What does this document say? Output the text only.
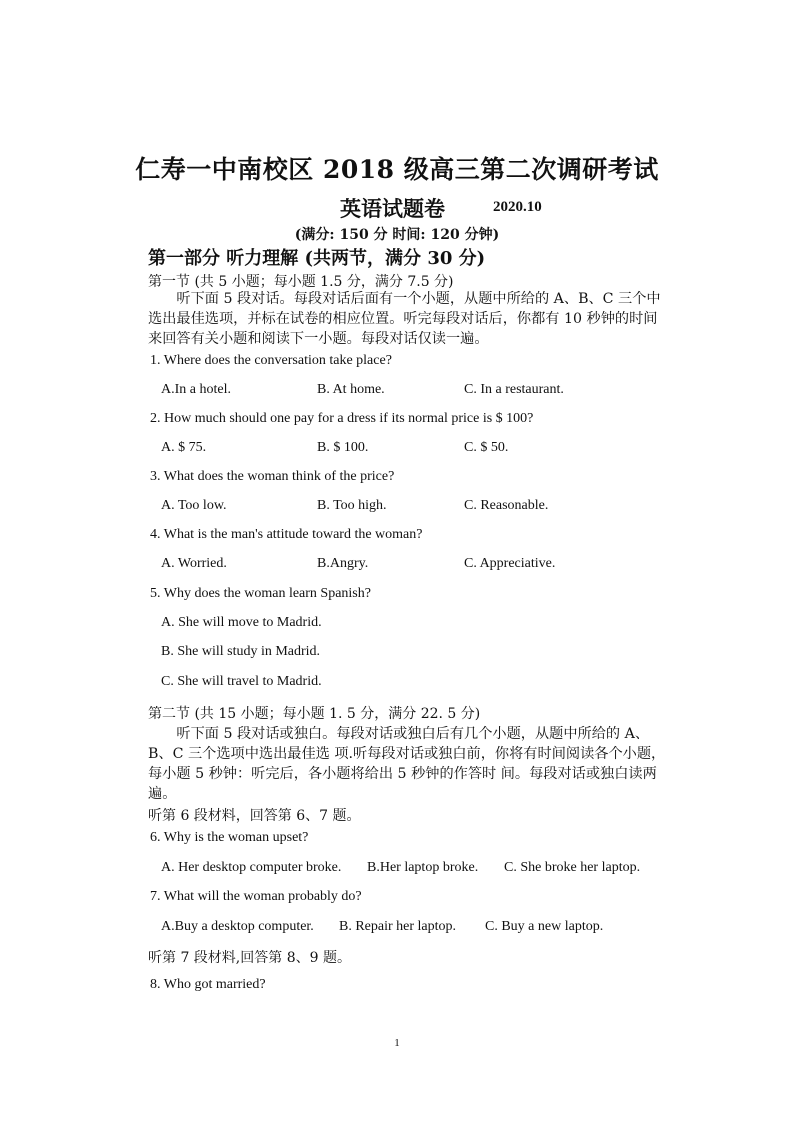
仁寿一中南校区 2018 级高三第二次调研考试
英语试题卷	2020.10
(满分: 150 分 时间: 120 分钟)
第一部分 听力理解 (共两节，满分 30 分)
第一节 (共 5 小题；每小题 1.5 分，满分 7.5 分)
听下面 5 段对话。每段对话后面有一个小题，从题中所给的 A、B、C 三个中选出最佳选项，并标在试卷的相应位置。听完每段对话后，你都有 10 秒钟的时间来回答有关小题和阅读下一小题。每段对话仅读一遍。
1. Where does the conversation take place?
A.In a hotel.	B. At home.	C. In a restaurant.
2. How much should one pay for a dress if its normal price is $ 100?
A. $ 75.	B. $ 100.	C. $ 50.
3. What does the woman think of the price?
A. Too low.	B. Too high.	C. Reasonable.
4. What is the man's attitude toward the woman?
A. Worried.	B.Angry.	C. Appreciative.
5. Why does the woman learn Spanish?
A. She will move to Madrid.
B. She will study in Madrid.
C. She will travel to Madrid.
第二节 (共 15 小题；每小题 1. 5 分，满分 22. 5 分)
听下面 5 段对话或独白。每段对话或独白后有几个小题，从题中所给的 A、B、C 三个选项中选出最佳选 项.听每段对话或独白前，你将有时间阅读各个小题，每小题 5 秒钟：听完后，各小题将给出 5 秒钟的作答时 间。每段对话或独白读两遍。
听第 6 段材料，回答第 6、7 题。
6. Why is the woman upset?
A. Her desktop computer broke. B.Her laptop broke. C. She broke her laptop.
7. What will the woman probably do?
A.Buy a desktop computer. B. Repair her laptop. C. Buy a new laptop.
听第 7 段材料,回答第 8、9 题。
8. Who got married?
1
